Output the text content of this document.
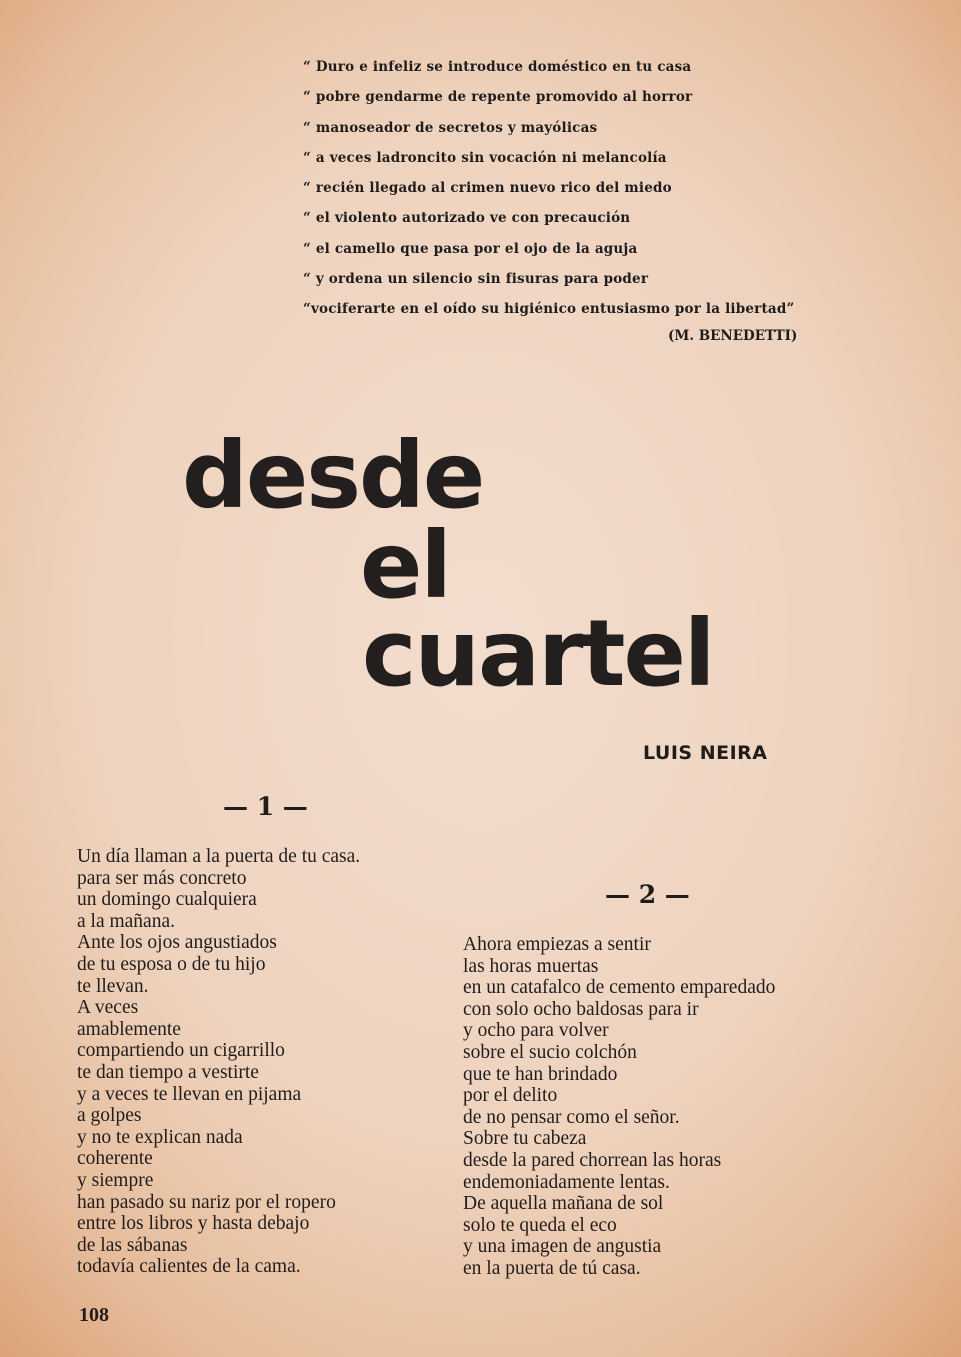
“ Duro e infeliz se introduce doméstico en tu casa
“ pobre gendarme de repente promovido al horror
“ manoseador de secretos y mayólicas
“ a veces ladroncito sin vocación ni melancolía
“ recién llegado al crimen nuevo rico del miedo
“ el violento autorizado ve con precaución
“ el camello que pasa por el ojo de la aguja
“ y ordena un silencio sin fisuras para poder
“vociferarte en el oído su higiénico entusiasmo por la libertad”
(M. BENEDETTI)
desde
el
cuartel
LUIS NEIRA
— 1 —
— 2 —
Un día llaman a la puerta de tu casa.
para ser más concreto
un domingo cualquiera
a la mañana.
Ante los ojos angustiados
de tu esposa o de tu hijo
te llevan.
A veces
amablemente
compartiendo un cigarrillo
te dan tiempo a vestirte
y a veces te llevan en pijama
a golpes
y no te explican nada
coherente
y siempre
han pasado su nariz por el ropero
entre los libros y hasta debajo
de las sábanas
todavía calientes de la cama.
Ahora empiezas a sentir
las horas muertas
en un catafalco de cemento emparedado
con solo ocho baldosas para ir
y ocho para volver
sobre el sucio colchón
que te han brindado
por el delito
de no pensar como el señor.
Sobre tu cabeza
desde la pared chorrean las horas
endemoniadamente lentas.
De aquella mañana de sol
solo te queda el eco
y una imagen de angustia
en la puerta de tú casa.
108
